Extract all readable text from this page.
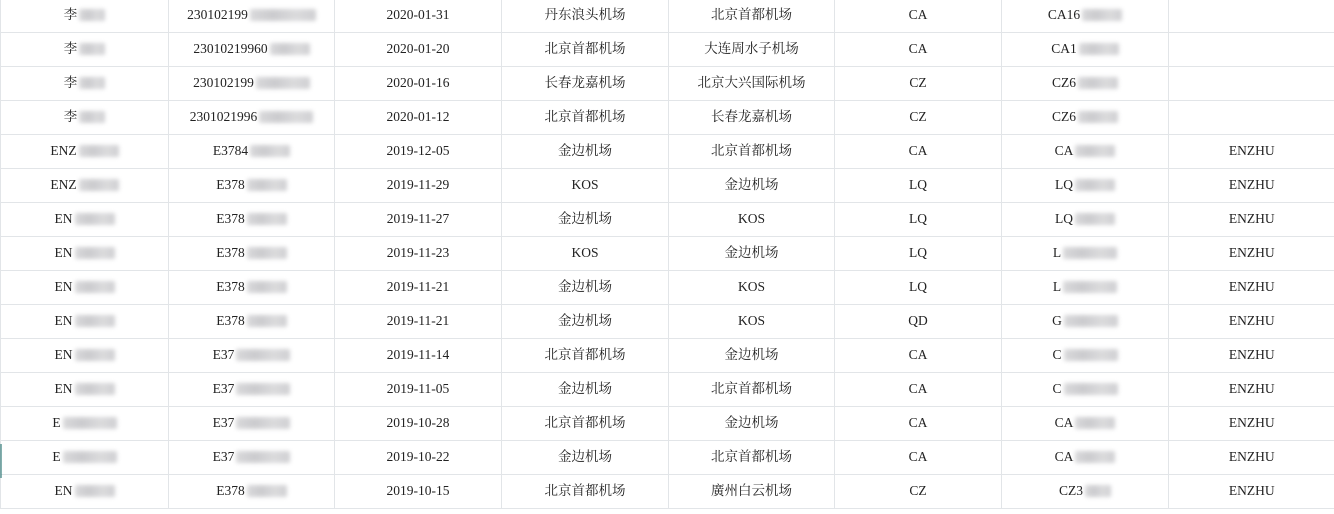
李	230102199	2020-01-31	丹东浪头机场	北京首都机场	CA	CA16	

李	23010219960	2020-01-20	北京首都机场	大连周水子机场	CA	CA1	

李	230102199	2020-01-16	长春龙嘉机场	北京大兴国际机场	CZ	CZ6	

李	2301021996	2020-01-12	北京首都机场	长春龙嘉机场	CZ	CZ6	

ENZ	E3784	2019-12-05	金边机场	北京首都机场	CA	CA	ENZHU

ENZ	E378	2019-11-29	KOS	金边机场	LQ	LQ	ENZHU

EN	E378	2019-11-27	金边机场	KOS	LQ	LQ	ENZHU

EN	E378	2019-11-23	KOS	金边机场	LQ	L	ENZHU

EN	E378	2019-11-21	金边机场	KOS	LQ	L	ENZHU

EN	E378	2019-11-21	金边机场	KOS	QD	G	ENZHU

EN	E37	2019-11-14	北京首都机场	金边机场	CA	C	ENZHU

EN	E37	2019-11-05	金边机场	北京首都机场	CA	C	ENZHU

E	E37	2019-10-28	北京首都机场	金边机场	CA	CA	ENZHU

E	E37	2019-10-22	金边机场	北京首都机场	CA	CA	ENZHU

EN	E378	2019-10-15	北京首都机场	廣州白云机场	CZ	CZ3	ENZHU
